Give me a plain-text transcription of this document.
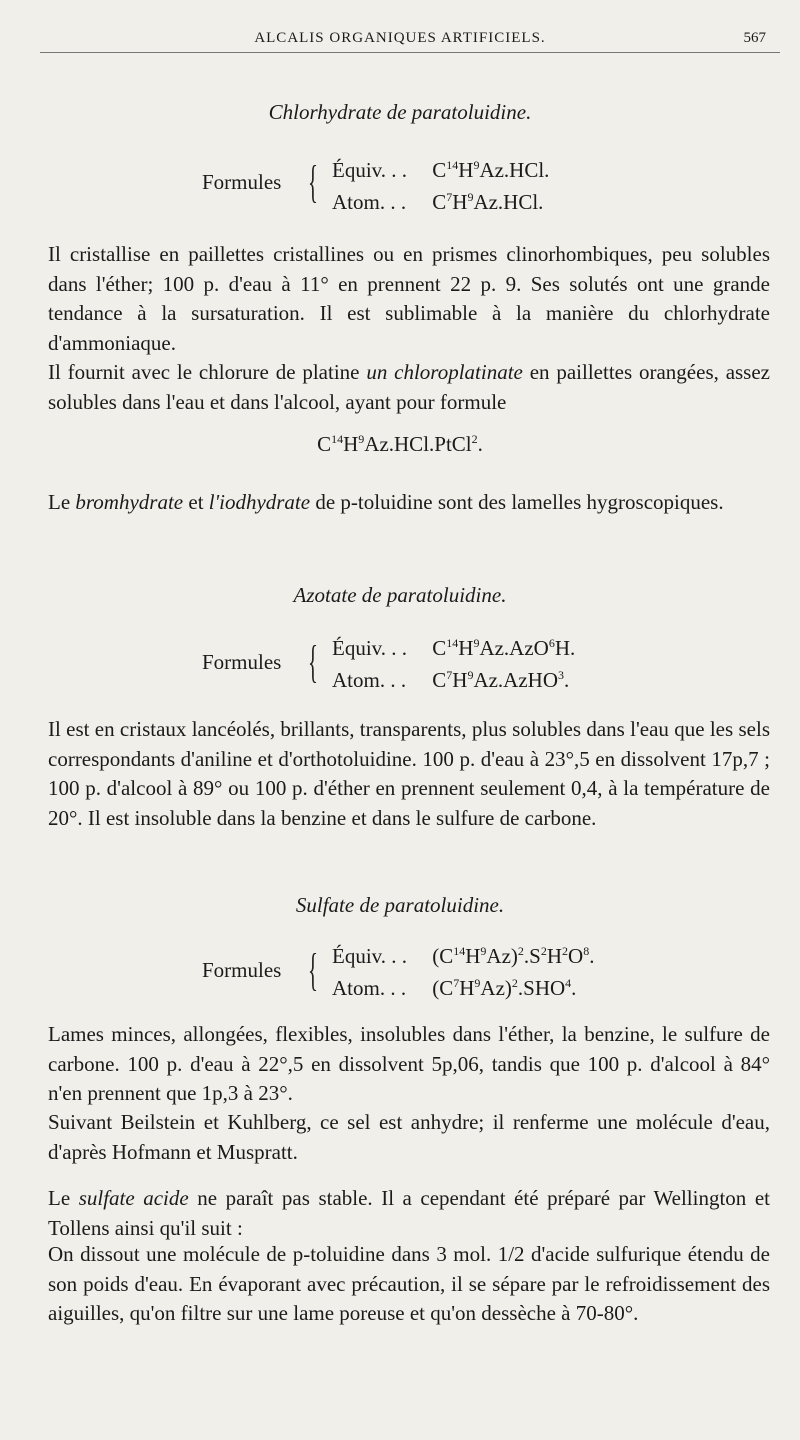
ALCALIS ORGANIQUES ARTIFICIELS.	567
Chlorhydrate de paratoluidine.
Formules { Équiv. . . $C^{14}H^9Az.HCl$.
Atom. . . $C^7H^9Az.HCl$.

Il cristallise en paillettes cristallines ou en prismes clinorhombiques, peu solubles dans l'éther; 100 p. d'eau à 11° en prennent 22 p. 9. Ses solutés ont une grande tendance à la sursaturation. Il est sublimable à la manière du chlorhydrate d'ammoniaque.

Il fournit avec le chlorure de platine un chloroplatinate en paillettes orangées, assez solubles dans l'eau et dans l'alcool, ayant pour formule

$C^{14}H^9Az.HCl.PtCl^2$.

Le bromhydrate et l'iodhydrate de p-toluidine sont des lamelles hygroscopiques.

Azotate de paratoluidine.
Formules { Équiv. . . $C^{14}H^9Az.AzO^6H$.
Atom. . . $C^7H^9Az.AzHO^3$.

Il est en cristaux lancéolés, brillants, transparents, plus solubles dans l'eau que les sels correspondants d'aniline et d'orthotoluidine. 100 p. d'eau à 23°,5 en dissolvent 17p,7 ; 100 p. d'alcool à 89° ou 100 p. d'éther en prennent seulement 0,4, à la température de 20°. Il est insoluble dans la benzine et dans le sulfure de carbone.

Sulfate de paratoluidine.
Formules { Équiv. . . $(C^{14}H^9Az)^2.S^2H^2O^8$.
Atom. . . $(C^7H^9Az)^2.SHO^4$.

Lames minces, allongées, flexibles, insolubles dans l'éther, la benzine, le sulfure de carbone. 100 p. d'eau à 22°,5 en dissolvent 5p,06, tandis que 100 p. d'alcool à 84° n'en prennent que 1p,3 à 23°.

Suivant Beilstein et Kuhlberg, ce sel est anhydre; il renferme une molécule d'eau, d'après Hofmann et Muspratt.

Le sulfate acide ne paraît pas stable. Il a cependant été préparé par Wellington et Tollens ainsi qu'il suit :

On dissout une molécule de p-toluidine dans 3 mol. 1/2 d'acide sulfurique étendu de son poids d'eau. En évaporant avec précaution, il se sépare par le refroidissement des aiguilles, qu'on filtre sur une lame poreuse et qu'on dessèche à 70-80°.
